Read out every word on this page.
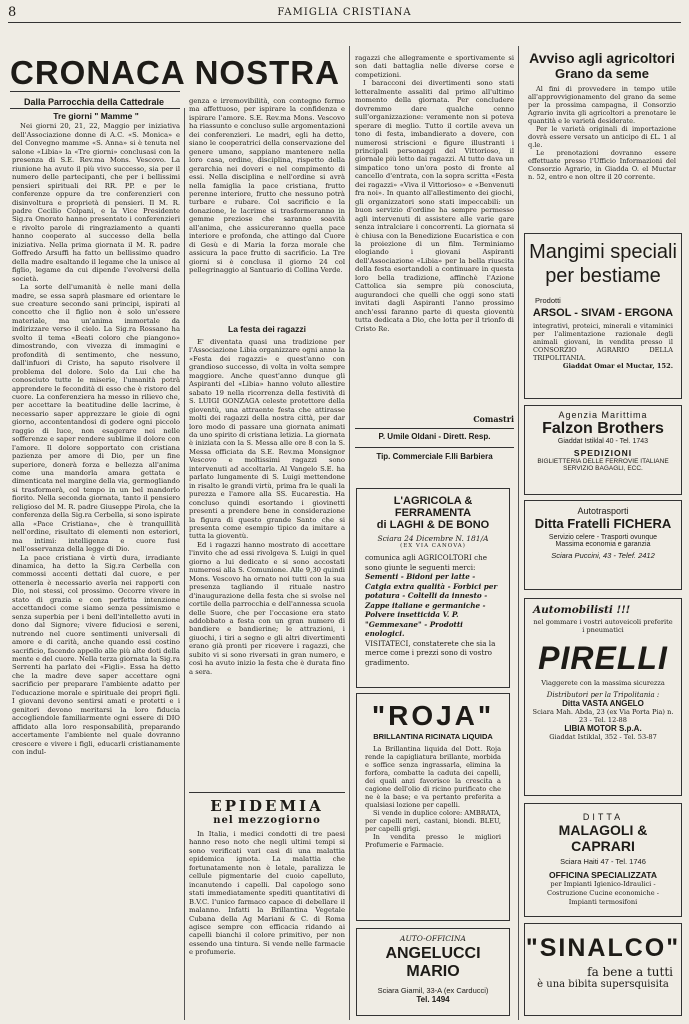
8	FAMIGLIA CRISTIANA
CRONACA NOSTRA
Dalla Parrocchia della Cattedrale
Tre giorni " Mamme "

Nei giorni 20, 21, 22, Maggio per iniziativa dell'Associazione donne di A.C. «S. Monica» e del Convegno mamme «S. Anna» si è tenuta nel salone «Libia» la «Tre giorni» conclusasi con la presenza di S.E. Rev.ma Mons. Vescovo. La riunione ha avuto il più vivo successo, sia per il numero delle partecipanti, che per i bellissimi pensieri spirituali dei RR. PP. e per le conferenze oppure da tre conferenzieri con disinvoltura e proprietà di pensieri. Il M. R. padre Cecilio Colpani, e la Vice Presidente Sig.ra Onorato hanno presentato i conferenzieri e rivolto parole di ringraziamento a quanti hanno cooperato al successo della bella iniziativa. Nella prima giornata il M. R. padre Goffredo Arsuffi ha fatto un bellissimo quadro della madre esaltando il legame che la unisce al figlio, legame da cui dipende l'evolversi della società.

La sorte dell'umanità è nelle mani della madre, se essa saprà plasmare ed orientare le sue creature secondo sani principi, ispirati al concetto che il figlio non è solo un'essere materiale, ma un'anima immortale da indirizzare verso il cielo. La Sig.ra Rossano ha svolto il tema «Beati coloro che piangono» dimostrando, con vivezza di immagini e profondità di sentimento, che nessuno, dall'infuori di Cristo, ha saputo risolvere il problema del dolore. Solo da Lui che ha conosciuto tutte le miserie, l'umanità potrà apprendere le fecondità di esso che è ristoro del cuore. La conferenziera ha messo in rilievo che, per accettare la beatitudine delle lacrime, è necessario saper apprezzare le gioie di ogni giorno, accontentandosi di godere ogni piccolo raggio di luce, non esagerare nei nelle sofferenze e saper rendere sublime il dolore con l'amore. Il dolore sopportato con cristiana pazienza per amore di Dio, per un fine superiore, donerà forza e bellezza all'anima come una mandorla amara gettata e dimenticata nel margine della via, germogliando si trasformerà, col tempo in un bel mandorlo fiorito. Nella seconda giornata, tanto il pensiero religioso del M. R. padre Giuseppe Pirola, che la conferenza della Sig.ra Cerbella, si sono ispirate alla «Pace Cristiana», che è tranquillità nell'ordine, risultato di elementi non esteriori, ma intimi: intelligenza e cuore fusi nell'osservanza della legge di Dio.

La pace cristiana è virtù dura, irradiante dinamica, ha detto la Sig.ra Cerbella con commossi accenti dettati dal cuore, e per ottenerla è necessario averla nei rapporti con Dio, noi stessi, col prossimo. Occorre vivere in stato di grazia e con perfetta intenzione accettandoci come siamo senza pessimismo e senza superbia per i beni dell'intelletto avuti in dono dal Signore; vivere fiduciosi e sereni, nutrendo nel cuore sentimenti universali di amore e di carità, anche quando essi costino sacrificio, facendo appello alle più alte doti della mente e del cuore. Nella terza giornata la Sig.ra Serrenti ha parlato dei «Figli». Essa ha detto che la madre deve saper accettare ogni sacrificio per preparare l'ambiente adatto per l'educazione morale e spirituale dei propri figli. I giovani devono sentirsi amati e protetti e i genitori devono meritarsi la loro fiducia accogliendole familiarmente ogni essere di DIO affidato alla loro responsabilità, preparando accertamente l'ambiente nel quale dovranno crescere e vivere i figli, educarli cristianamente con indul-

genza e irremovibilità, con contegno fermo ma affettuoso, per ispirare la confidenza e ispirare l'amore. S.E. Rev.ma Mons. Vescovo ha riassunto e concluso sulle argomentazioni dei conferenzieri. Le madri, egli ha detto, siano le cooperatrici della conservazione del genere umano, sappiano mantenere nella loro casa, ordine, disciplina, rispetto della gerarchia nei doveri e nel compimento di essi. Nella disciplina e nell'ordine si avrà nella famiglia la pace cristiana, frutto perenne interiore, frutto che nessuno potrà turbare e rubare. Col sacrificio e la donazione, le lacrime si trasformeranno in gemme preziose che saranno soavità all'anima, che assicureranno quella pace interiore e profonda, che attingo dal Cuore di Gesù e di Maria la forza morale che assicura la pace frutto di sacrificio. La Tre giorni si è conclusa il giorno 24 col pellegrinaggio al Santuario di Collina Verde.

La festa dei ragazzi

E' diventata quasi una tradizione per l'Associazione Libia organizzare ogni anno la «Festa dei ragazzi» e quest'anno con grandioso successo, di volta in volta sempre maggiore. Anche quest'anno dunque gli Aspiranti del «Libia» hanno voluto allestire sabato 19 nella ricorrenza della festività di S. LUIGI GONZAGA celeste protettore della gioventù, una attraente festa che attirasse molti dei ragazzi della nostra città, per dar loro modo di passare una giornata animati da uno spirito di cristiana letizia. La giornata è iniziata con la S. Messa alle ore 8 con la S. Messa officiata da S.E. Rev.ma Monsignor Vescovo e moltissimi ragazzi sono intervenuti ad accoltarla. Al Vangelo S.E. ha parlato lungamente di S. Luigi mettendone in risalto le grandi virtù, prima fra le quali la purezza e l'amore alla SS. Eucarestia. Ha concluso quindi esortando i giovinetti presenti a prendere bene in considerazione la figura di questo grande Santo che si presenta come esempio tipico da imitare a tutta la gioventù.

Ed i ragazzi hanno mostrato di accettare l'invito che ad essi rivolgeva S. Luigi in quel giorno a lui dedicato e si sono accostati numerosi alla S. Comunione. Alle 9,30 quindi Mons. Vescovo ha ornato noi tutti con la sua presenza tagliando il rituale nastro d'inaugurazione della festa che si svolse nel cortile della parrocchia e dell'annessa scuola delle Suore, che per l'occasione era stato addobbato a festa con un gran numero di bandiere e bandierine; le attrazioni, i giuochi, i tiri a segno e gli altri divertimenti erano già pronti per ricevere i ragazzi, che subito vi si sono riversati in gran numero, e così ha avuto inizio la festa che è durata fino a sera.

EPIDEMIA
nel mezzogiorno

In Italia, i medici condotti di tre paesi hanno reso noto che negli ultimi tempi si sono verificati vari casi di una malattia epidemica ignota. La malattia che fortunatamente non è letale, paralizza le cellule pigmentarie del cuoio capelluto, incanutendo i capelli. Dal capologo sono stati immediatamente spediti quantitativi di B.V.C. l'unico farmaco capace di debellare il malanno. Infatti la Brillantina Vegetale Cubana della Ag Mariani & C. di Roma agisce sempre con efficacia ridando ai capelli bianchi il colore primitivo, per non essendo una tintura. Si vende nelle farmacie e profumerie.

ragazzi che allegramente e sportivamente si son dati battaglia nelle diverse corse e competizioni.

I baracconi dei divertimenti sono stati letteralmente assaliti dal primo all'ultimo momento della giornata. Per concludere dovremmo dare qualche cenno sull'organizzazione: veramente non si poteva sperare di meglio. Tutto il cortile aveva un tono di festa, imbandierato a dovere, con numerosi striscioni e figure illustranti i principali personaggi del Vittorioso, il giornale più letto dai ragazzi. Al tutto dava un simpatico tono un'ora posto di fronte al cancello d'entrata, con la sopra scritta «Festa dei ragazzi» «Viva il Vittorioso» e «Benvenuti fra noi». In quanto all'allestimento dei giochi, gli organizzatori sono stati impeccabili: un buon servizio d'ordine ha sempre permesso agli intervenuti di assistere alle varie gare senza intralciare i concorrenti. La giornata si è chiusa con la Benedizione Eucaristica e con la proiezione di un film. Terminiamo elogiando i giovani Aspiranti dell'Associazione «Libia» per la bella riuscita della festa esortandoli a continuare in questa loro bella tradizione, affinchè l'Azione Cattolica sia sempre più conosciuta, augurandoci che quelli che oggi sono stati invitati dagli Aspiranti l'anno prossimo anch'essi faranno parte di questa gioventù tutta dedicata a Dio, che lotta per il trionfo di Cristo Re.

Comastri
P. Umile Oldani - Dirett. Resp.
Tip. Commerciale F.lli Barbiera
L'AGRICOLA & FERRAMENTA
di LAGHI & DE BONO
Sciara 24 Dicembre N. 181/A
(EX VIA CANOVA)
comunica agli AGRICOLTORI che sono giunte le seguenti merci:
Sementi - Bidoni per latte - Catgia extra qualità - Forbici per potatura - Coltelli da innesto - Zappe italiane e germaniche - Polvere insetticida V. P. "Gemmexane" - Prodotti enologici.
VISITATECI, constaterete che sia la merce come i prezzi sono di vostro gradimento.
"ROJA"
BRILLANTINA RICINATA LIQUIDA
La Brillantina liquida del Dott. Roja rende la capigliatura brillante, morbida e soffice senza ingrassarla, elimina la forfora, combatte la caduta dei capelli, dei quali anzi favorisce la crescita a cagione dell'olio di ricino purificato che ne è la base; e va pertanto preferita a qualsiasi lozione per capelli.
Si vende in duplice colore: AMBRATA, per capelli neri, castani, biondi. BLEU, per capelli grigi.
In vendita presso le migliori Profumerie e Farmacie.
AUTO-OFFICINA
ANGELUCCI MARIO
Sciara Giamil, 33-A (ex Carducci)
Tel. 1494
Avviso agli agricoltori
Grano da seme
Al fini di provvedere in tempo utile all'approvvigionamento del grano da seme per la prossima campagna, il Consorzio Agrario invita gli agricoltori a prenotare le quantità e le varietà desiderate.
Per le varietà originali di importazione dovrà essere versato un anticipo di £L. 1 al q.le.
Le prenotazioni dovranno essere effettuate presso l'Ufficio Informazioni del Consorzio Agrario, in Giadda O. el Muctar n. 52, entro e non oltre il 20 corrente.
Mangimi speciali
per bestiame
Prodotti
ARSOL - SIVAM - ERGONA
integrativi, proteici, minerali e vitaminici per l'alimentazione razionale degli animali giovani, in vendita presso il CONSORZIO AGRARIO DELLA TRIPOLITANIA.
Giaddat Omar el Muctar, 152.
Agenzia Marittima
Falzon Brothers
Giaddat Istiklal 40 - Tel. 1743
SPEDIZIONI
BIGLIETTERIA DELLE FERROVIE ITALIANE
SERVIZIO BAGAGLI, ECC.
Autotrasporti
Ditta Fratelli FICHERA
Servizio celere - Trasporti ovunque
Massima economia e garanzia
Sciara Puccini, 43 - Telef. 2412
Automobilisti !!!
nel gommare i vostri autoveicoli preferite i pneumatici
PIRELLI
Viaggerete con la massima sicurezza
Distributori per la Tripolitania :
Ditta VASTA ANGELO
Sciara Mah. Abda, 23 (ex Via Porta Pia) n. 23 - Tel. 12-88
LIBIA MOTOR S.p.A.
Giaddat Istiklal, 352 - Tel. 53-87
DITTA
MALAGOLI & CAPRARI
Sciara Haiti 47 - Tel. 1746
OFFICINA SPECIALIZZATA
per Impianti Igienico-Idraulici - Costruzione Cucine economiche - Impianti termosifoni
"SINALCO"
fa bene a tutti
è una bibita supersquisita
